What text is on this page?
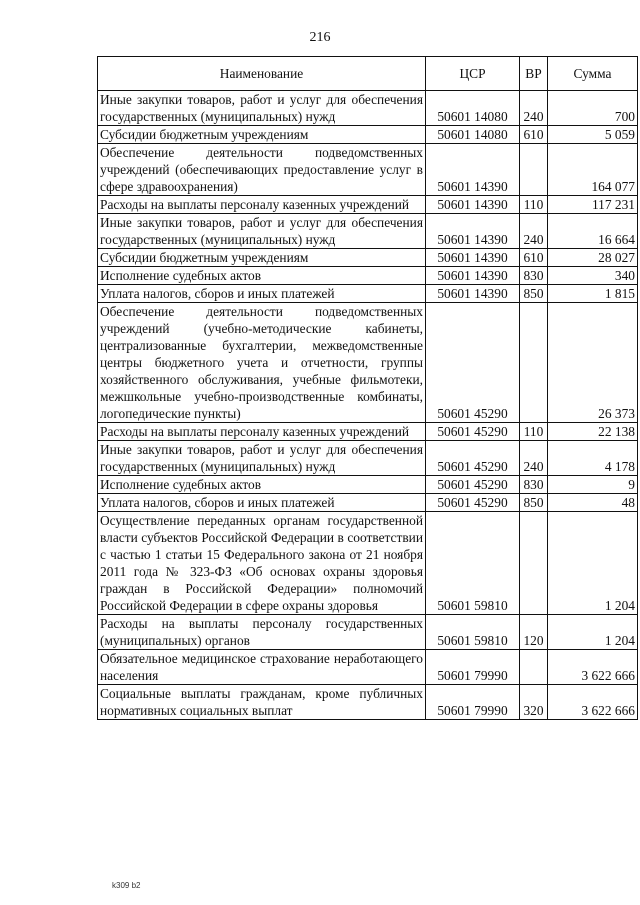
216
Наименование	ЦСР	ВР	Сумма
Иные закупки товаров, работ и услуг для обеспечения государственных (муниципальных) нужд	50601 14080	240	700
Субсидии бюджетным учреждениям	50601 14080	610	5 059
Обеспечение деятельности подведомственных учреждений (обеспечивающих предоставление услуг в сфере здравоохранения)	50601 14390		164 077
Расходы на выплаты персоналу казенных учреждений	50601 14390	110	117 231
Иные закупки товаров, работ и услуг для обеспечения государственных (муниципальных) нужд	50601 14390	240	16 664
Субсидии бюджетным учреждениям	50601 14390	610	28 027
Исполнение судебных актов	50601 14390	830	340
Уплата налогов, сборов и иных платежей	50601 14390	850	1 815
Обеспечение деятельности подведомственных учреждений (учебно-методические кабинеты, централизованные бухгалтерии, межведомственные центры бюджетного учета и отчетности, группы хозяйственного обслуживания, учебные фильмотеки, межшкольные учебно-производственные комбинаты, логопедические пункты)	50601 45290		26 373
Расходы на выплаты персоналу казенных учреждений	50601 45290	110	22 138
Иные закупки товаров, работ и услуг для обеспечения государственных (муниципальных) нужд	50601 45290	240	4 178
Исполнение судебных актов	50601 45290	830	9
Уплата налогов, сборов и иных платежей	50601 45290	850	48
Осуществление переданных органам государственной власти субъектов Российской Федерации в соответствии с частью 1 статьи 15 Федерального закона от 21 ноября 2011 года № 323-ФЗ «Об основах охраны здоровья граждан в Российской Федерации» полномочий Российской Федерации в сфере охраны здоровья	50601 59810		1 204
Расходы на выплаты персоналу государственных (муниципальных) органов	50601 59810	120	1 204
Обязательное медицинское страхование неработающего населения	50601 79990		3 622 666
Социальные выплаты гражданам, кроме публичных нормативных социальных выплат	50601 79990	320	3 622 666
k309 b2
